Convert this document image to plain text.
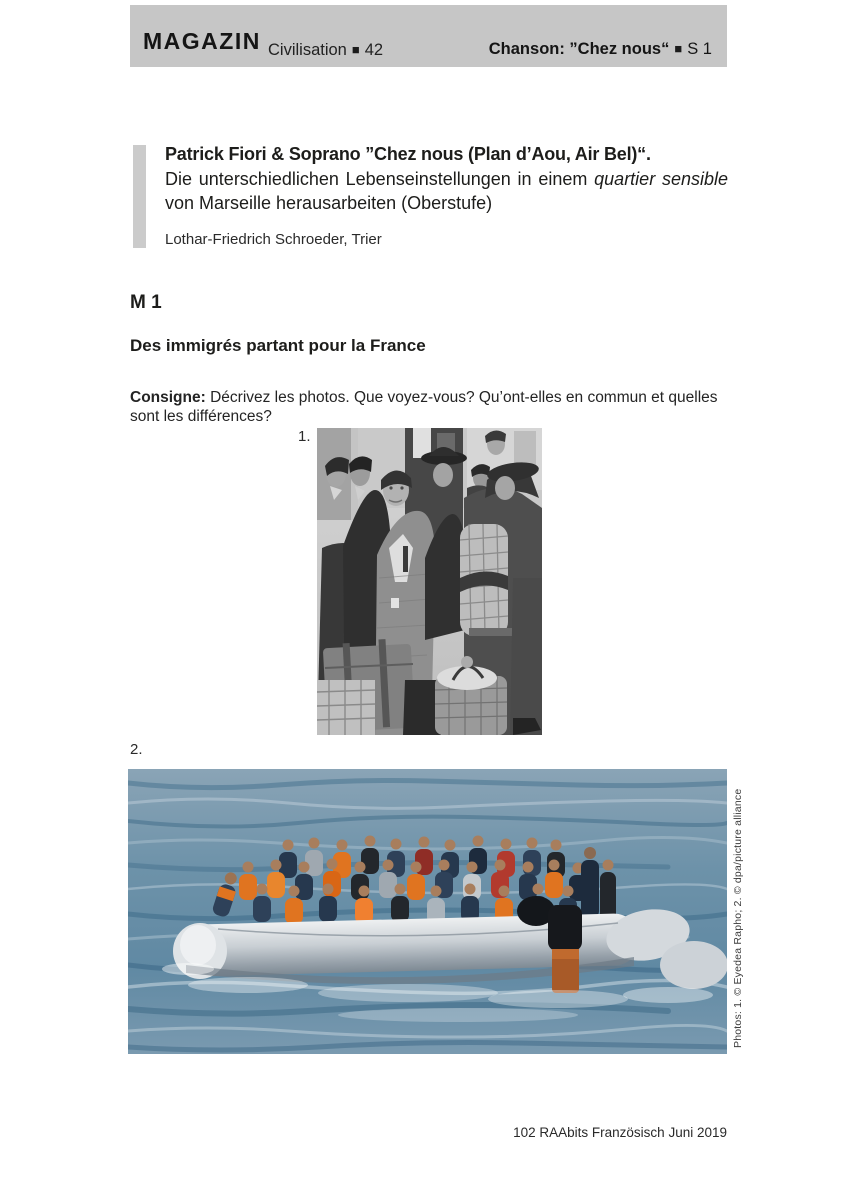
MAGAZIN Civilisation ■ 42	Chanson: ”Chez nous“ ■ S 1
Patrick Fiori & Soprano ”Chez nous (Plan d’Aou, Air Bel)“.
Die unterschiedlichen Lebenseinstellungen in einem quartier sensible von Marseille herausarbeiten (Oberstufe)
Lothar-Friedrich Schroeder, Trier
M 1
Des immigrés partant pour la France

Consigne: Décrivez les photos. Que voyez-vous? Qu’ont-elles en commun et quelles sont les différences?

1.
2.
Photos: 1. © Eyedea Rapho; 2. © dpa/picture alliance
102 RAAbits Französisch Juni 2019
